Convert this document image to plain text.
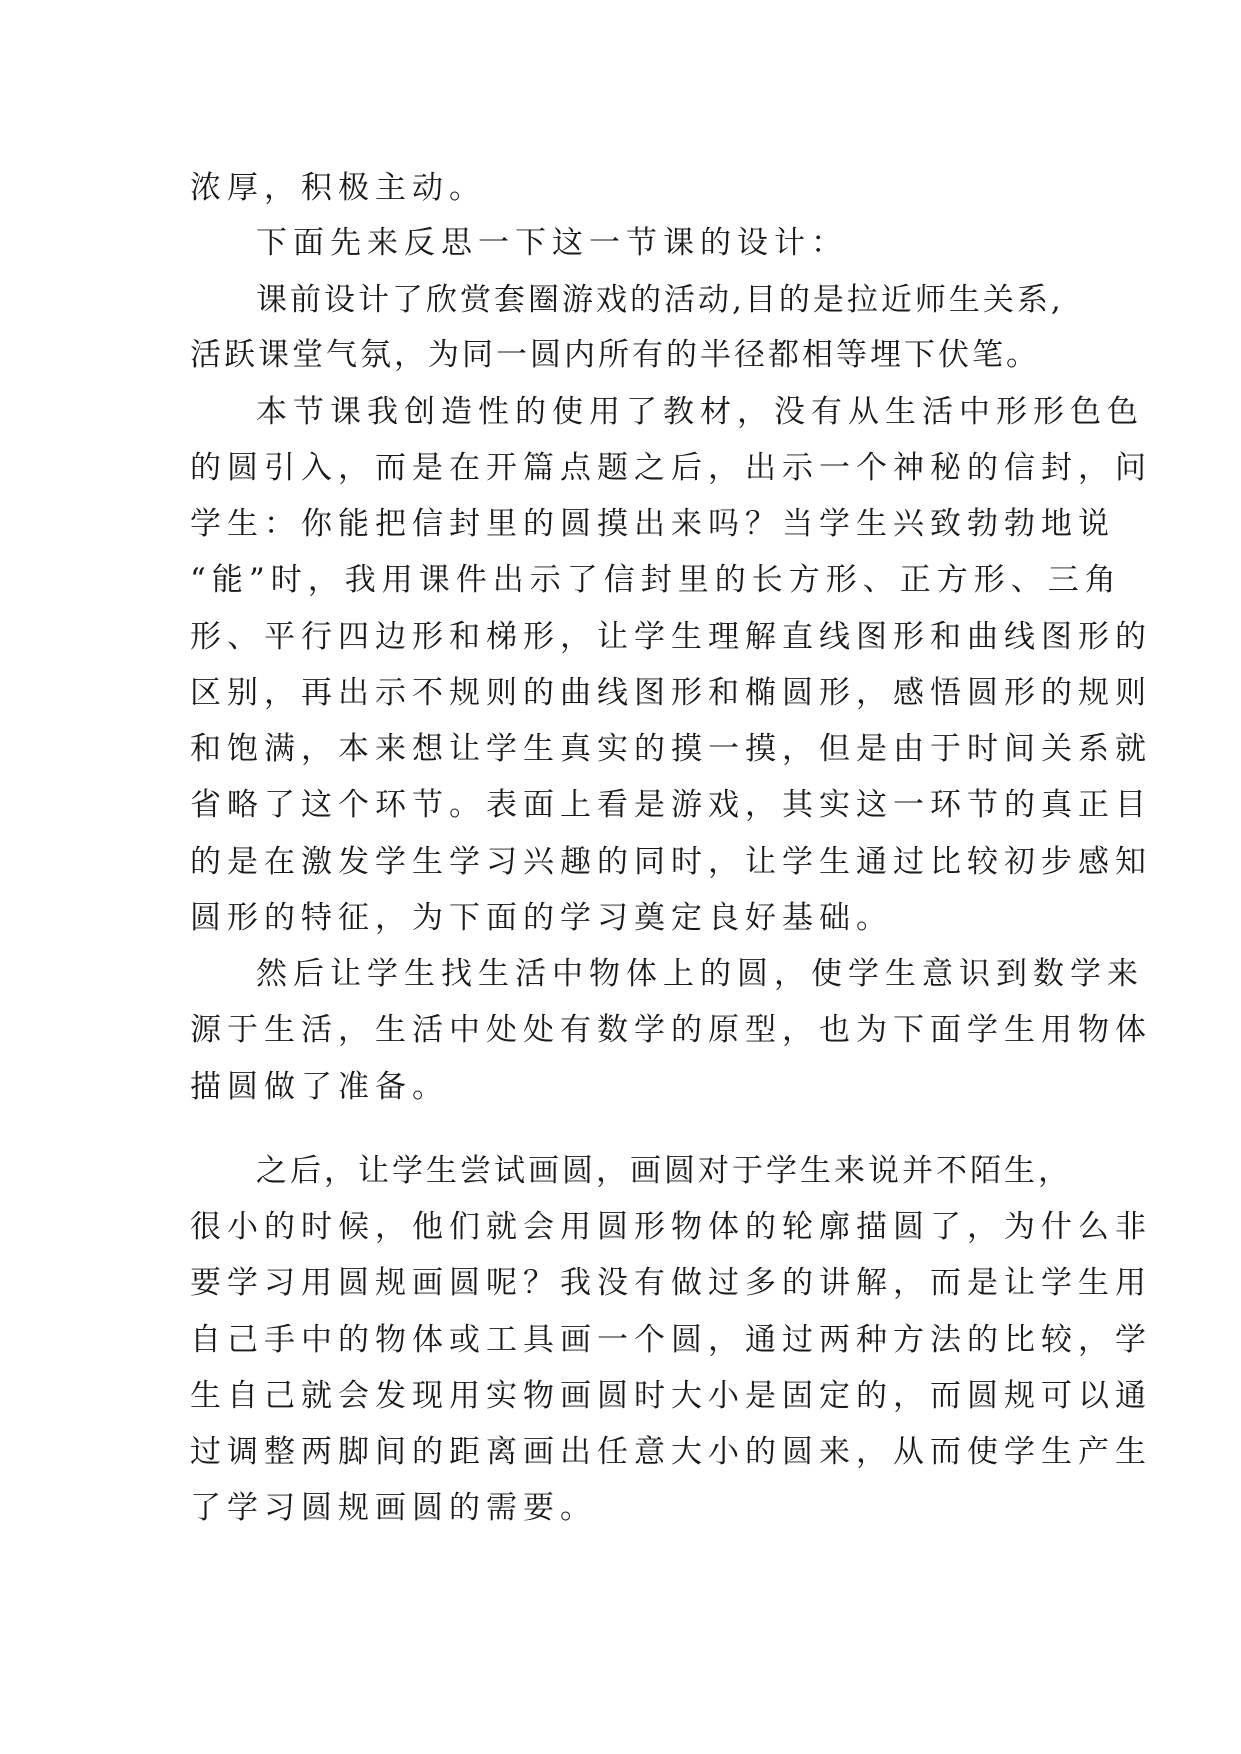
浓厚，积极主动。
下面先来反思一下这一节课的设计：
课前设计了欣赏套圈游戏的活动,目的是拉近师生关系,
活跃课堂气氛，为同一圆内所有的半径都相等埋下伏笔。
本节课我创造性的使用了教材，没有从生活中形形色色
的圆引入，而是在开篇点题之后，出示一个神秘的信封，问
学生：你能把信封里的圆摸出来吗？当学生兴致勃勃地说
“能”时，我用课件出示了信封里的长方形、正方形、三角
形、平行四边形和梯形，让学生理解直线图形和曲线图形的
区别，再出示不规则的曲线图形和椭圆形，感悟圆形的规则
和饱满，本来想让学生真实的摸一摸，但是由于时间关系就
省略了这个环节。表面上看是游戏，其实这一环节的真正目
的是在激发学生学习兴趣的同时，让学生通过比较初步感知
圆形的特征，为下面的学习奠定良好基础。
然后让学生找生活中物体上的圆，使学生意识到数学来
源于生活，生活中处处有数学的原型，也为下面学生用物体
描圆做了准备。
之后，让学生尝试画圆，画圆对于学生来说并不陌生，
很小的时候，他们就会用圆形物体的轮廓描圆了，为什么非
要学习用圆规画圆呢？我没有做过多的讲解，而是让学生用
自己手中的物体或工具画一个圆，通过两种方法的比较，学
生自己就会发现用实物画圆时大小是固定的，而圆规可以通
过调整两脚间的距离画出任意大小的圆来，从而使学生产生
了学习圆规画圆的需要。
